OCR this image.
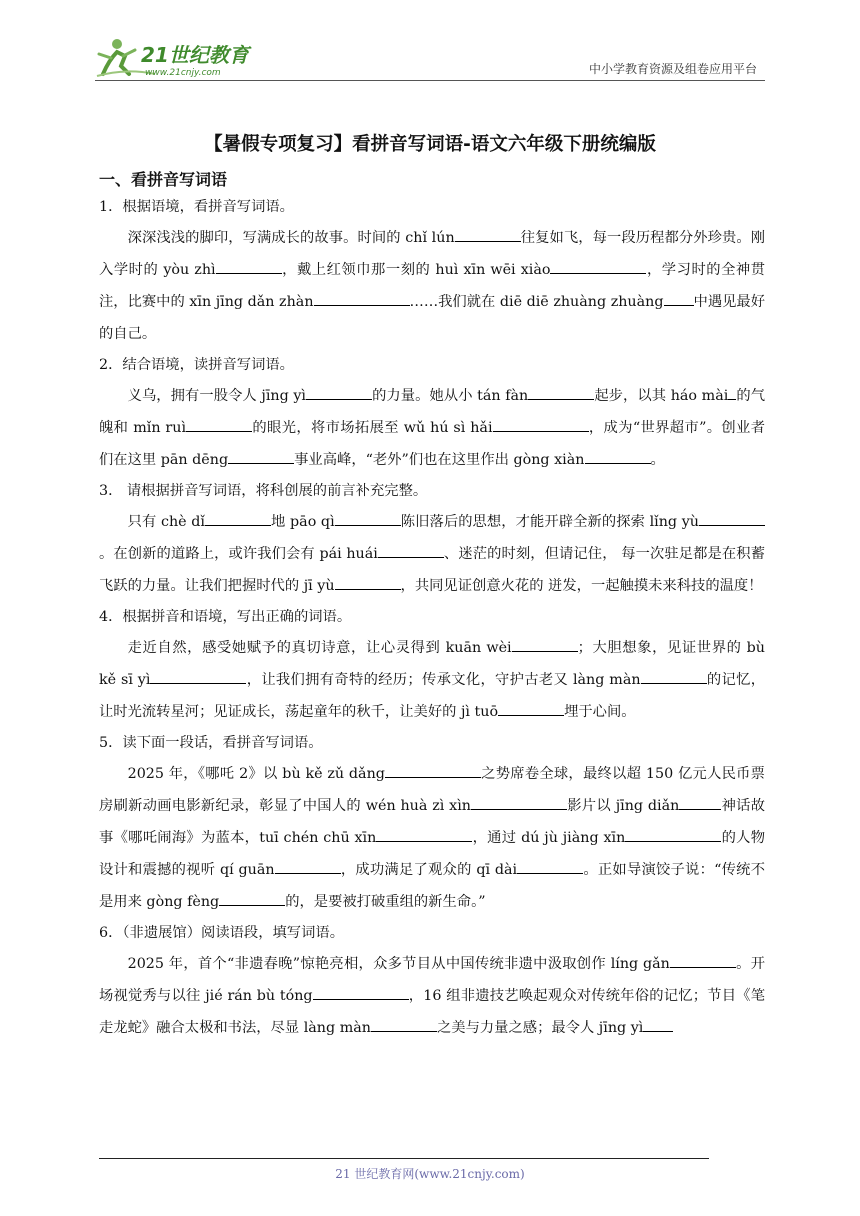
21世纪教育
www.21cnjy.com	中小学教育资源及组卷应用平台
【暑假专项复习】看拼音写词语-语文六年级下册统编版
一、看拼音写词语
1．根据语境，看拼音写词语。
深深浅浅的脚印，写满成长的故事。时间的 chǐ lún	往复如飞，每一段历程都分外珍贵。刚入学时的 yòu zhì	，戴上红领巾那一刻的 huì xīn wēi xiào	，学习时的全神贯注，比赛中的 xīn jīng dǎn zhàn	……我们就在 diē diē zhuàng zhuàng 中遇见最好的自己。
2．结合语境，读拼音写词语。
义乌，拥有一股令人 jīng yì	的力量。她从小 tán fàn	起步，以其 háo mài 的气魄和 mǐn ruì	的眼光，将市场拓展至 wǔ hú sì hǎi	，成为“世界超市”。创业者们在这里 pān dēng	事业高峰，“老外”们也在这里作出 gòng xiàn	。
3． 请根据拼音写词语，将科创展的前言补充完整。
只有 chè dǐ	地 pāo qì	陈旧落后的思想，才能开辟全新的探索 lǐng yù。在创新的道路上，或许我们会有 pái huái	、迷茫的时刻，但请记住， 每一次驻足都是在积蓄飞跃的力量。让我们把握时代的 jī yù	，共同见证创意火花的 迸发，一起触摸未来科技的温度！
4．根据拼音和语境，写出正确的词语。
走近自然，感受她赋予的真切诗意，让心灵得到 kuān wèi	；大胆想象，见证世界的 bù kě sī yì	，让我们拥有奇特的经历；传承文化，守护古老又 làng màn	的记忆，让时光流转星河；见证成长，荡起童年的秋千，让美好的 jì tuō	埋于心间。
5．读下面一段话，看拼音写词语。
2025 年，《哪吒 2》以 bù kě zǔ dǎng	之势席卷全球，最终以超 150 亿元人民币票房刷新动画电影新纪录，彰显了中国人的 wén huà zì xìn	影片以 jīng diǎn	神话故事《哪吒闹海》为蓝本，tuī chén chū xīn	，通过 dú jù jiàng xīn	的人物设计和震撼的视听 qí guān	，成功满足了观众的 qī dài	。正如导演饺子说：“传统不是用来 gòng fèng	的，是要被打破重组的新生命。”
6．（非遗展馆）阅读语段，填写词语。
2025 年，首个“非遗春晚”惊艳亮相，众多节目从中国传统非遗中汲取创作 líng gǎn	。开场视觉秀与以往 jié rán bù tóng	，16 组非遗技艺唤起观众对传统年俗的记忆；节目《笔走龙蛇》融合太极和书法，尽显 làng màn	之美与力量之感；最令人 jīng yì
21 世纪教育网(www.21cnjy.com)
